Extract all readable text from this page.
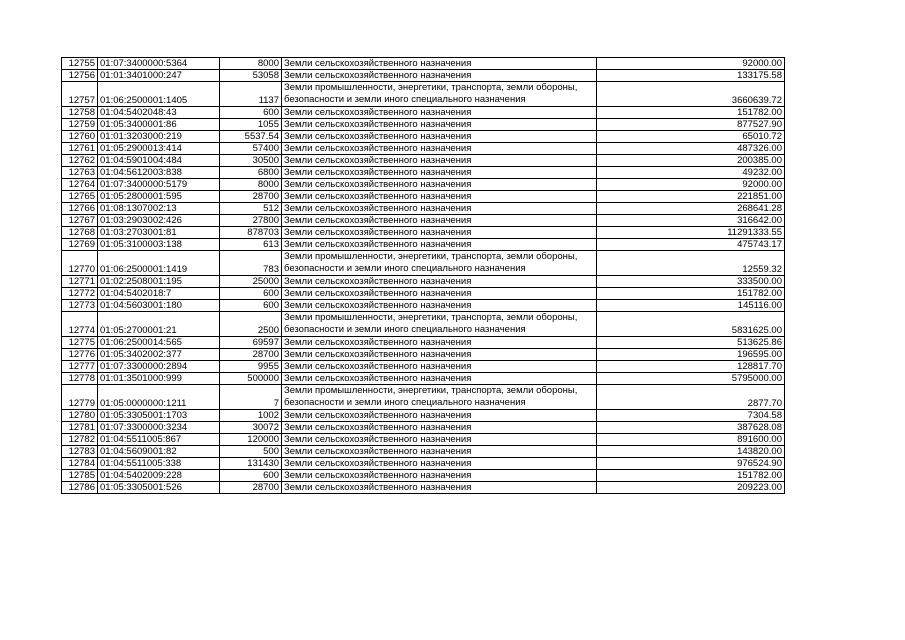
12755	01:07:3400000:5364	8000	Земли сельскохозяйственного назначения	92000.00
12756	01:01:3401000:247	53058	Земли сельскохозяйственного назначения	133175.58
12757	01:06:2500001:1405	1137	Земли промышленности, энергетики, транспорта, земли обороны, безопасности и земли иного специального назначения	3660639.72
12758	01:04:5402048:43	600	Земли сельскохозяйственного назначения	151782.00
12759	01:05:3400001:86	1055	Земли сельскохозяйственного назначения	877527.90
12760	01:01:3203000:219	5537.54	Земли сельскохозяйственного назначения	65010.72
12761	01:05:2900013:414	57400	Земли сельскохозяйственного назначения	487326.00
12762	01:04:5901004:484	30500	Земли сельскохозяйственного назначения	200385.00
12763	01:04:5612003:838	6800	Земли сельскохозяйственного назначения	49232.00
12764	01:07:3400000:5179	8000	Земли сельскохозяйственного назначения	92000.00
12765	01:05:2800001:595	28700	Земли сельскохозяйственного назначения	221851.00
12766	01:08:1307002:13	512	Земли сельскохозяйственного назначения	268641.28
12767	01:03:2903002:426	27800	Земли сельскохозяйственного назначения	316642.00
12768	01:03:2703001:81	878703	Земли сельскохозяйственного назначения	11291333.55
12769	01:05:3100003:138	613	Земли сельскохозяйственного назначения	475743.17
12770	01:06:2500001:1419	783	Земли промышленности, энергетики, транспорта, земли обороны, безопасности и земли иного специального назначения	12559.32
12771	01:02:2508001:195	25000	Земли сельскохозяйственного назначения	333500.00
12772	01:04:5402018:7	600	Земли сельскохозяйственного назначения	151782.00
12773	01:04:5603001:180	600	Земли сельскохозяйственного назначения	145116.00
12774	01:05:2700001:21	2500	Земли промышленности, энергетики, транспорта, земли обороны, безопасности и земли иного специального назначения	5831625.00
12775	01:06:2500014:565	69597	Земли сельскохозяйственного назначения	513625.86
12776	01:05:3402002:377	28700	Земли сельскохозяйственного назначения	196595.00
12777	01:07:3300000:2894	9955	Земли сельскохозяйственного назначения	128817.70
12778	01:01:3501000:999	500000	Земли сельскохозяйственного назначения	5795000.00
12779	01:05:0000000:1211	7	Земли промышленности, энергетики, транспорта, земли обороны, безопасности и земли иного специального назначения	2877.70
12780	01:05:3305001:1703	1002	Земли сельскохозяйственного назначения	7304.58
12781	01:07:3300000:3234	30072	Земли сельскохозяйственного назначения	387628.08
12782	01:04:5511005:867	120000	Земли сельскохозяйственного назначения	891600.00
12783	01:04:5609001:82	500	Земли сельскохозяйственного назначения	143820.00
12784	01:04:5511005:338	131430	Земли сельскохозяйственного назначения	976524.90
12785	01:04:5402009:228	600	Земли сельскохозяйственного назначения	151782.00
12786	01:05:3305001:526	28700	Земли сельскохозяйственного назначения	209223.00
